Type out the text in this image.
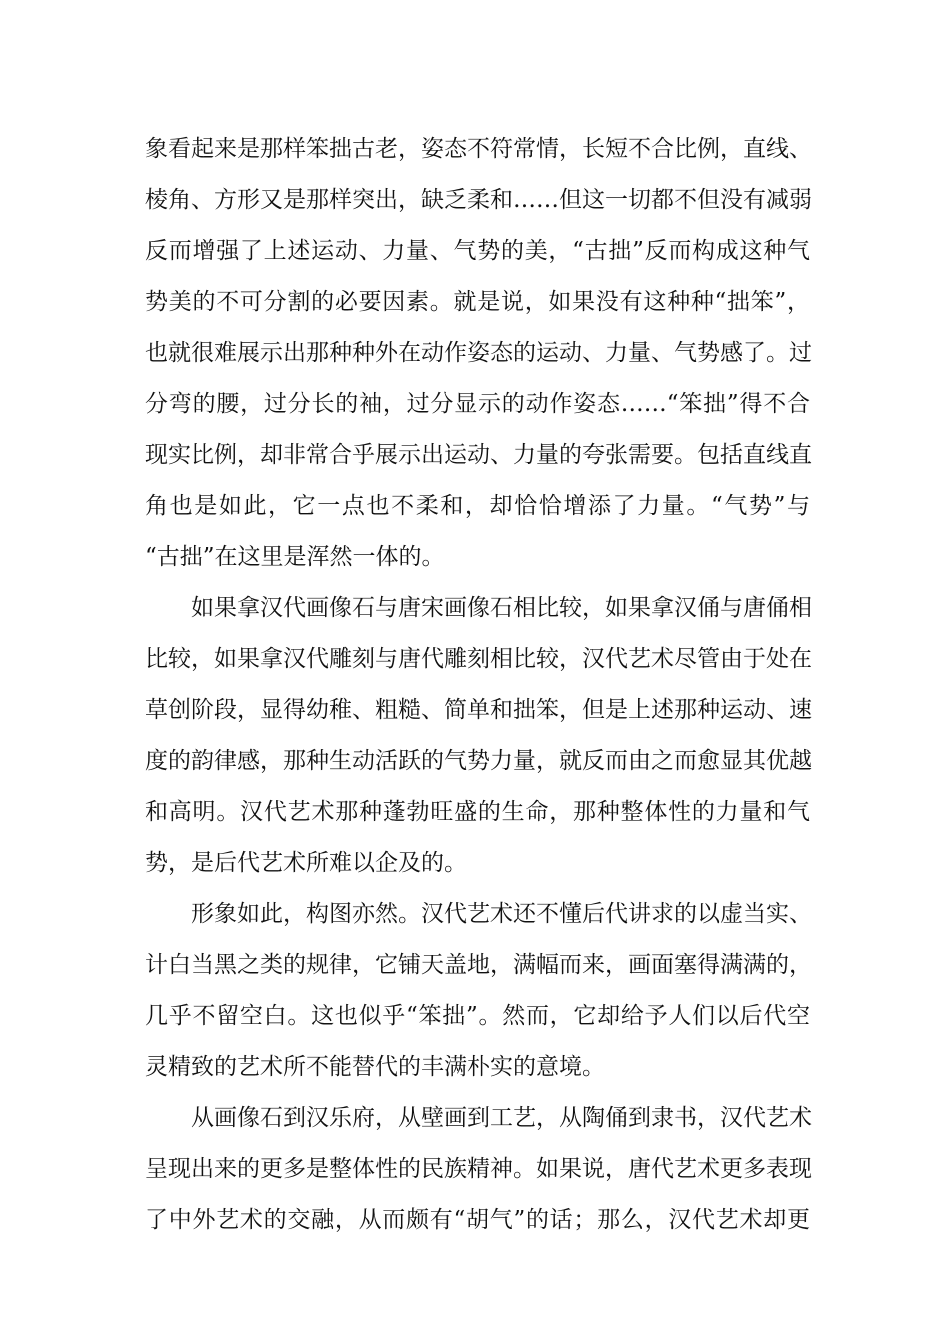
象看起来是那样笨拙古老，姿态不符常情，长短不合比例，直线、
棱角、方形又是那样突出，缺乏柔和……但这一切都不但没有减弱
反而增强了上述运动、力量、气势的美，“古拙”反而构成这种气
势美的不可分割的必要因素。就是说，如果没有这种种“拙笨”，
也就很难展示出那种种外在动作姿态的运动、力量、气势感了。过
分弯的腰，过分长的袖，过分显示的动作姿态……“笨拙”得不合
现实比例，却非常合乎展示出运动、力量的夸张需要。包括直线直
角也是如此，它一点也不柔和，却恰恰增添了力量。“气势”与
“古拙”在这里是浑然一体的。
　　如果拿汉代画像石与唐宋画像石相比较，如果拿汉俑与唐俑相
比较，如果拿汉代雕刻与唐代雕刻相比较，汉代艺术尽管由于处在
草创阶段，显得幼稚、粗糙、简单和拙笨，但是上述那种运动、速
度的韵律感，那种生动活跃的气势力量，就反而由之而愈显其优越
和高明。汉代艺术那种蓬勃旺盛的生命，那种整体性的力量和气
势，是后代艺术所难以企及的。
　　形象如此，构图亦然。汉代艺术还不懂后代讲求的以虚当实、
计白当黑之类的规律，它铺天盖地，满幅而来，画面塞得满满的，
几乎不留空白。这也似乎“笨拙”。然而，它却给予人们以后代空
灵精致的艺术所不能替代的丰满朴实的意境。
　　从画像石到汉乐府，从壁画到工艺，从陶俑到隶书，汉代艺术
呈现出来的更多是整体性的民族精神。如果说，唐代艺术更多表现
了中外艺术的交融，从而颇有“胡气”的话；那么，汉代艺术却更
